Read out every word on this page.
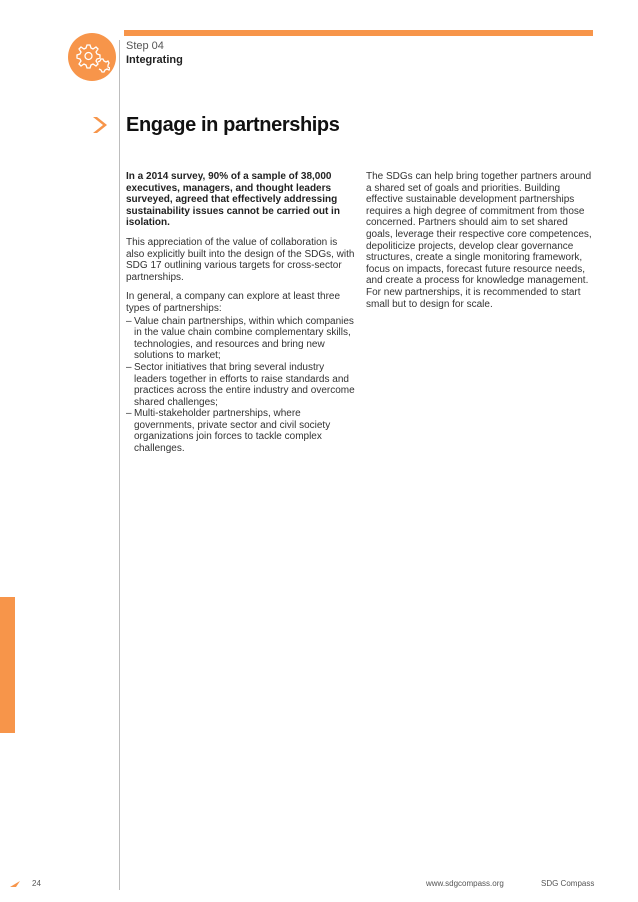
Step 04
Integrating
Engage in partnerships

In a 2014 survey, 90% of a sample of 38,000 executives, managers, and thought leaders surveyed, agreed that effectively addressing sustainability issues cannot be carried out in isolation.

This appreciation of the value of collaboration is also explicitly built into the design of the SDGs, with SDG 17 outlining various targets for cross-sector partnerships.

In general, a company can explore at least three types of partnerships:

– Value chain partnerships, within which companies in the value chain combine complementary skills, technologies, and resources and bring new solutions to market;
– Sector initiatives that bring several industry leaders together in efforts to raise standards and practices across the entire industry and overcome shared challenges;
– Multi-stakeholder partnerships, where governments, private sector and civil society organizations join forces to tackle complex challenges.

The SDGs can help bring together partners around a shared set of goals and priorities. Building effective sustainable development partnerships requires a high degree of commitment from those concerned. Partners should aim to set shared goals, leverage their respective core competences, depoliticize projects, develop clear governance structures, create a single monitoring framework, focus on impacts, forecast future resource needs, and create a process for knowledge management. For new partnerships, it is recommended to start small but to design for scale.

24	www.sdgcompass.org	SDG Compass
